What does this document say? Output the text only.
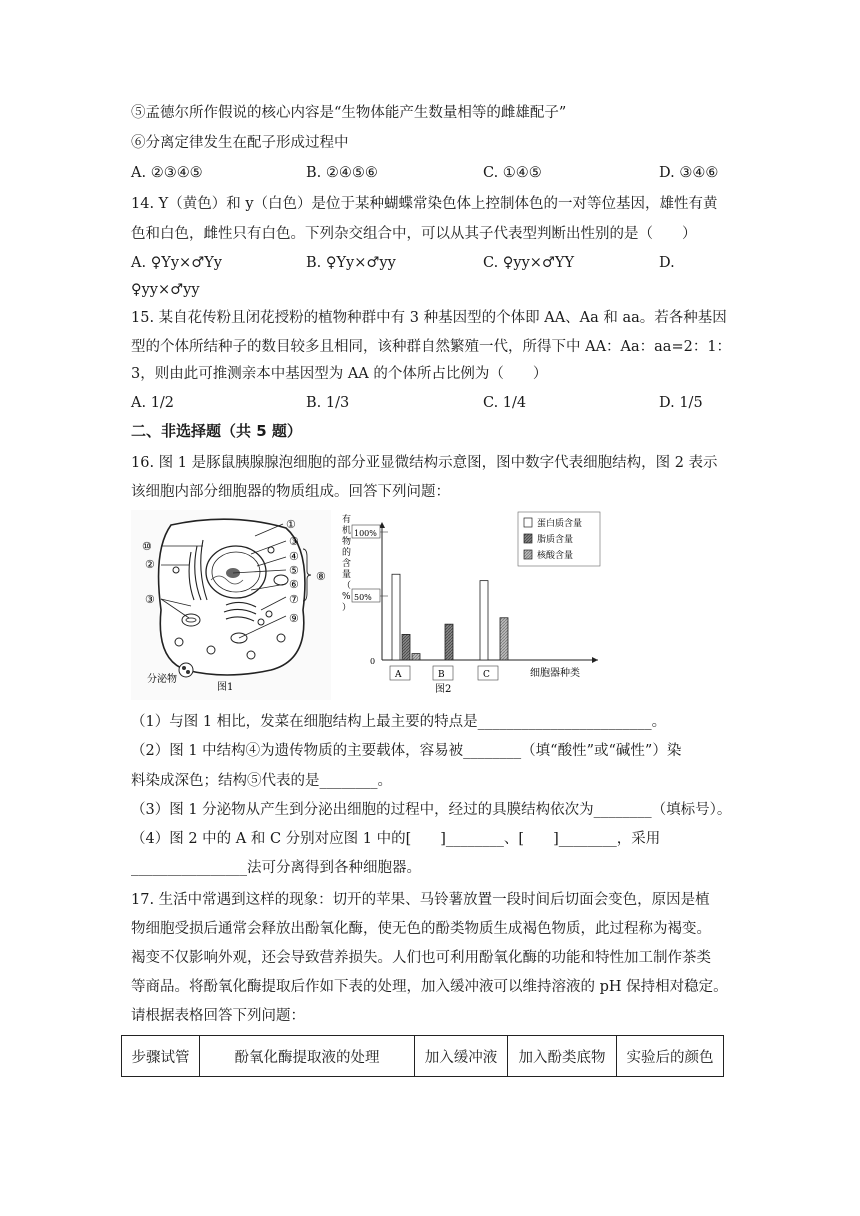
⑤孟德尔所作假说的核心内容是“生物体能产生数量相等的雌雄配子”
⑥分离定律发生在配子形成过程中
A. ②③④⑤	B. ②④⑤⑥	C. ①④⑤	D. ③④⑥
14. Y（黄色）和 y（白色）是位于某种蝴蝶常染色体上控制体色的一对等位基因，雄性有黄
色和白色，雌性只有白色。下列杂交组合中，可以从其子代表型判断出性别的是（　　）
A. ♀Yy×♂Yy	B. ♀Yy×♂yy	C. ♀yy×♂YY	D.
♀yy×♂yy
15. 某自花传粉且闭花授粉的植物种群中有 3 种基因型的个体即 AA、Aa 和 aa。若各种基因
型的个体所结种子的数目较多且相同，该种群自然繁殖一代，所得下中 AA：Aa：aa=2：1：
3，则由此可推测亲本中基因型为 AA 的个体所占比例为（　　）
A. 1/2	B. 1/3	C. 1/4	D. 1/5
二、非选择题（共 5 题）
16. 图 1 是豚鼠胰腺腺泡细胞的部分亚显微结构示意图，图中数字代表细胞结构，图 2 表示
该细胞内部分细胞器的物质组成。回答下列问题：
⑩
②
③
①
③
④
⑤
⑥
⑦
⑧
⑨
分泌物
图1
有
机
物
的
含
量
（
%
）
A	B	C
100%
50%
0
蛋白质含量
脂质含量
核酸含量
细胞器种类
图2
（1）与图 1 相比，发菜在细胞结构上最主要的特点是________________________。
（2）图 1 中结构④为遗传物质的主要载体，容易被________（填“酸性”或“碱性”）染
料染成深色；结构⑤代表的是________。
（3）图 1 分泌物从产生到分泌出细胞的过程中，经过的具膜结构依次为________（填标号）。
（4）图 2 中的 A 和 C 分别对应图 1 中的[　　]________、[　　]________，采用
________________法可分离得到各种细胞器。
17. 生活中常遇到这样的现象：切开的苹果、马铃薯放置一段时间后切面会变色，原因是植
物细胞受损后通常会释放出酚氧化酶，使无色的酚类物质生成褐色物质，此过程称为褐变。
褐变不仅影响外观，还会导致营养损失。人们也可利用酚氧化酶的功能和特性加工制作茶类
等商品。将酚氧化酶提取后作如下表的处理，加入缓冲液可以维持溶液的 pH 保持相对稳定。
请根据表格回答下列问题：
步骤试管	酚氧化酶提取液的处理	加入缓冲液	加入酚类底物	实验后的颜色
